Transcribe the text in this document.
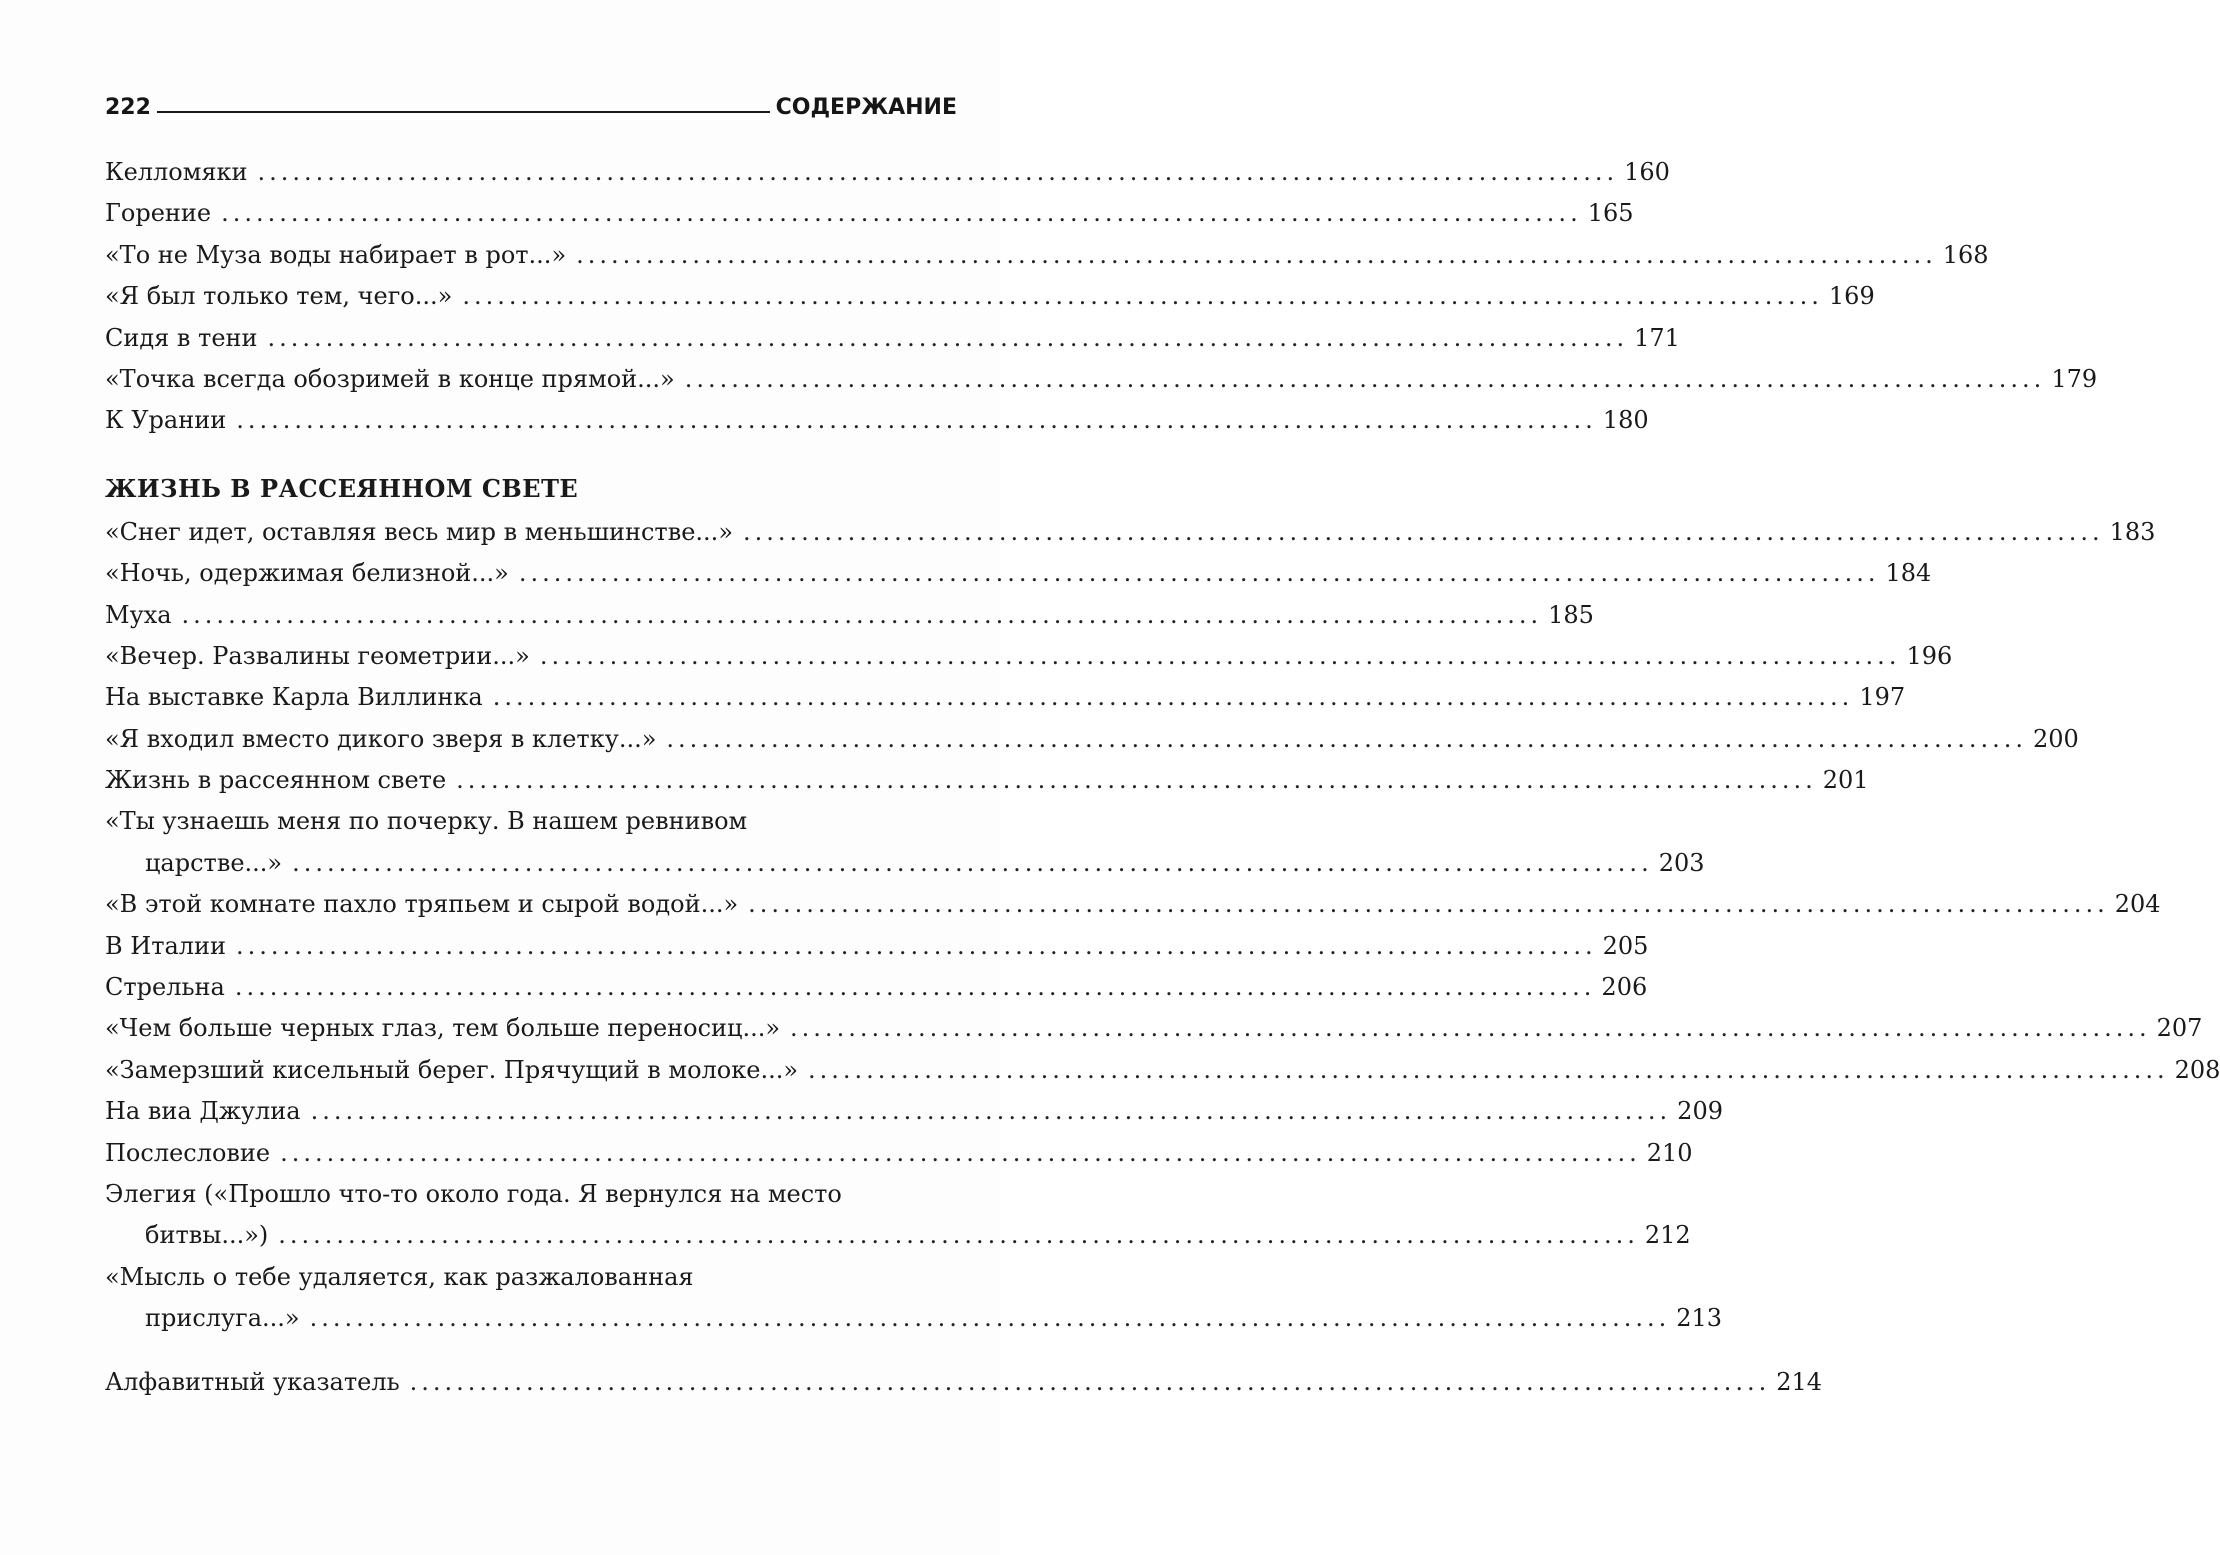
222	СОДЕРЖАНИЕ
Келломяки ..................................................................................................................... 160
Горение ..................................................................................................................... 165
«То не Муза воды набирает в рот...» ..................................................................................................................... 168
«Я был только тем, чего...» ..................................................................................................................... 169
Сидя в тени ..................................................................................................................... 171
«Точка всегда обозримей в конце прямой...» ..................................................................................................................... 179
К Урании ..................................................................................................................... 180
ЖИЗНЬ В РАССЕЯННОМ СВЕТЕ
«Снег идет, оставляя весь мир в меньшинстве...» ..................................................................................................................... 183
«Ночь, одержимая белизной...» ..................................................................................................................... 184
Муха ..................................................................................................................... 185
«Вечер. Развалины геометрии...» ..................................................................................................................... 196
На выставке Карла Виллинка ..................................................................................................................... 197
«Я входил вместо дикого зверя в клетку...» ..................................................................................................................... 200
Жизнь в рассеянном свете ..................................................................................................................... 201
«Ты узнаешь меня по почерку. В нашем ревнивом
царстве...» ..................................................................................................................... 203
«В этой комнате пахло тряпьем и сырой водой...» ..................................................................................................................... 204
В Италии ..................................................................................................................... 205
Стрельна ..................................................................................................................... 206
«Чем больше черных глаз, тем больше переносиц...» ..................................................................................................................... 207
«Замерзший кисельный берег. Прячущий в молоке...» ..................................................................................................................... 208
На виа Джулиа ..................................................................................................................... 209
Послесловие ..................................................................................................................... 210
Элегия («Прошло что-то около года. Я вернулся на место
битвы...») ..................................................................................................................... 212
«Мысль о тебе удаляется, как разжалованная
прислуга...» ..................................................................................................................... 213
Алфавитный указатель ..................................................................................................................... 214
